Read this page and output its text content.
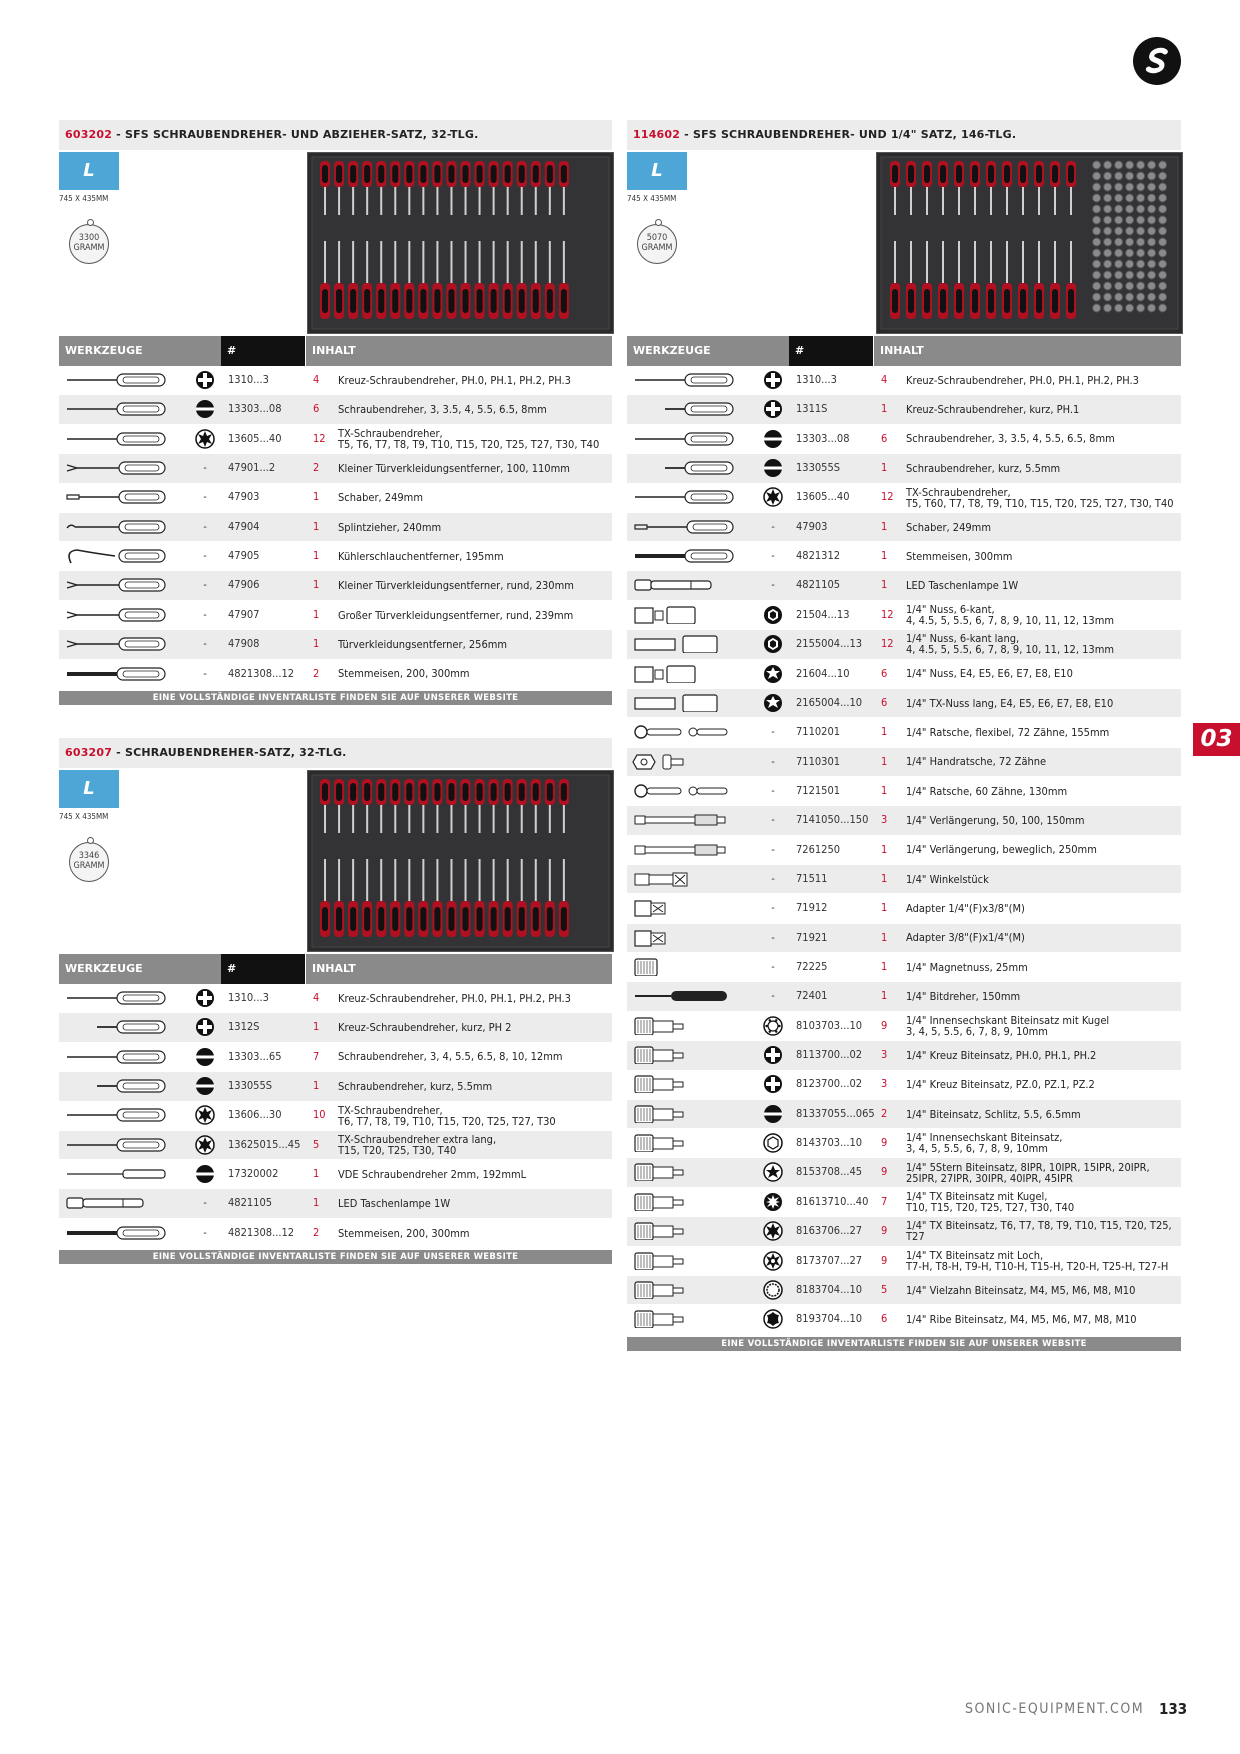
03
SONIC-EQUIPMENT.COM 133
603202 - SFS SCHRAUBENDREHER- UND ABZIEHER-SATZ, 32-TLG.
L
745 X 435MM
3300
GRAMM
WERKZEUGE	#	INHALT
1310...3	4 Kreuz-Schraubendreher, PH.0, PH.1, PH.2, PH.3
13303...08	6 Schraubendreher, 3, 3.5, 4, 5.5, 6.5, 8mm
13605...40	12 TX-Schraubendreher,
T5, T6, T7, T8, T9, T10, T15, T20, T25, T27, T30, T40
-	47901...2	2 Kleiner Türverkleidungsentferner, 100, 110mm
-	47903	1 Schaber, 249mm
-	47904	1 Splintzieher, 240mm
-	47905	1 Kühlerschlauchentferner, 195mm
-	47906	1 Kleiner Türverkleidungsentferner, rund, 230mm
-	47907	1 Großer Türverkleidungsentferner, rund, 239mm
-	47908	1 Türverkleidungsentferner, 256mm
-	4821308...12 2 Stemmeisen, 200, 300mm
EINE VOLLSTÄNDIGE INVENTARLISTE FINDEN SIE AUF UNSERER WEBSITE
603207 - SCHRAUBENDREHER-SATZ, 32-TLG.
L
745 X 435MM
3346
GRAMM
WERKZEUGE	#	INHALT
1310...3	4 Kreuz-Schraubendreher, PH.0, PH.1, PH.2, PH.3
1312S	1 Kreuz-Schraubendreher, kurz, PH 2
13303...65	7 Schraubendreher, 3, 4, 5.5, 6.5, 8, 10, 12mm
133055S	1 Schraubendreher, kurz, 5.5mm
13606...30	10 TX-Schraubendreher,
T6, T7, T8, T9, T10, T15, T20, T25, T27, T30
13625015...45 5 TX-Schraubendreher extra lang,
T15, T20, T25, T30, T40
17320002	1 VDE Schraubendreher 2mm, 192mmL
-	4821105	1 LED Taschenlampe 1W
-	4821308...12 2 Stemmeisen, 200, 300mm
EINE VOLLSTÄNDIGE INVENTARLISTE FINDEN SIE AUF UNSERER WEBSITE
114602 - SFS SCHRAUBENDREHER- UND 1/4" SATZ, 146-TLG.
L
745 X 435MM
5070
GRAMM
WERKZEUGE	#	INHALT
1310...3	4 Kreuz-Schraubendreher, PH.0, PH.1, PH.2, PH.3
1311S	1 Kreuz-Schraubendreher, kurz, PH.1
13303...08	6 Schraubendreher, 3, 3.5, 4, 5.5, 6.5, 8mm
133055S	1 Schraubendreher, kurz, 5.5mm
13605...40	12 TX-Schraubendreher,
T5, T60, T7, T8, T9, T10, T15, T20, T25, T27, T30, T40
-	47903	1 Schaber, 249mm
-	4821312	1 Stemmeisen, 300mm
-	4821105	1 LED Taschenlampe 1W
21504...13	12 1/4" Nuss, 6-kant,
4, 4.5, 5, 5.5, 6, 7, 8, 9, 10, 11, 12, 13mm
2155004...13 12 1/4" Nuss, 6-kant lang,
4, 4.5, 5, 5.5, 6, 7, 8, 9, 10, 11, 12, 13mm
21604...10	6 1/4" Nuss, E4, E5, E6, E7, E8, E10
2165004...10 6 1/4" TX-Nuss lang, E4, E5, E6, E7, E8, E10
-	7110201	1 1/4" Ratsche, flexibel, 72 Zähne, 155mm
-	7110301	1 1/4" Handratsche, 72 Zähne
-	7121501	1 1/4" Ratsche, 60 Zähne, 130mm
-	7141050...150 3 1/4" Verlängerung, 50, 100, 150mm
-	7261250	1 1/4" Verlängerung, beweglich, 250mm
-	71511	1 1/4" Winkelstück
-	71912	1 Adapter 1/4"(F)x3/8"(M)
-	71921	1 Adapter 3/8"(F)x1/4"(M)
-	72225	1 1/4" Magnetnuss, 25mm
-	72401	1 1/4" Bitdreher, 150mm
8103703...10 9 1/4" Innensechskant Biteinsatz mit Kugel
3, 4, 5, 5.5, 6, 7, 8, 9, 10mm
8113700...02 3 1/4" Kreuz Biteinsatz, PH.0, PH.1, PH.2
8123700...02 3 1/4" Kreuz Biteinsatz, PZ.0, PZ.1, PZ.2
81337055...065 2 1/4" Biteinsatz, Schlitz, 5.5, 6.5mm
8143703...10 9 1/4" Innensechskant Biteinsatz,
3, 4, 5, 5.5, 6, 7, 8, 9, 10mm
8153708...45 9 1/4" 5Stern Biteinsatz, 8IPR, 10IPR, 15IPR, 20IPR,
25IPR, 27IPR, 30IPR, 40IPR, 45IPR
81613710...40 7 1/4" TX Biteinsatz mit Kugel,
T10, T15, T20, T25, T27, T30, T40
8163706...27 9 1/4" TX Biteinsatz, T6, T7, T8, T9, T10, T15, T20, T25, T27
8173707...27 9 1/4" TX Biteinsatz mit Loch,
T7-H, T8-H, T9-H, T10-H, T15-H, T20-H, T25-H, T27-H
8183704...10 5 1/4" Vielzahn Biteinsatz, M4, M5, M6, M8, M10
8193704...10 6 1/4" Ribe Biteinsatz, M4, M5, M6, M7, M8, M10
EINE VOLLSTÄNDIGE INVENTARLISTE FINDEN SIE AUF UNSERER WEBSITE
